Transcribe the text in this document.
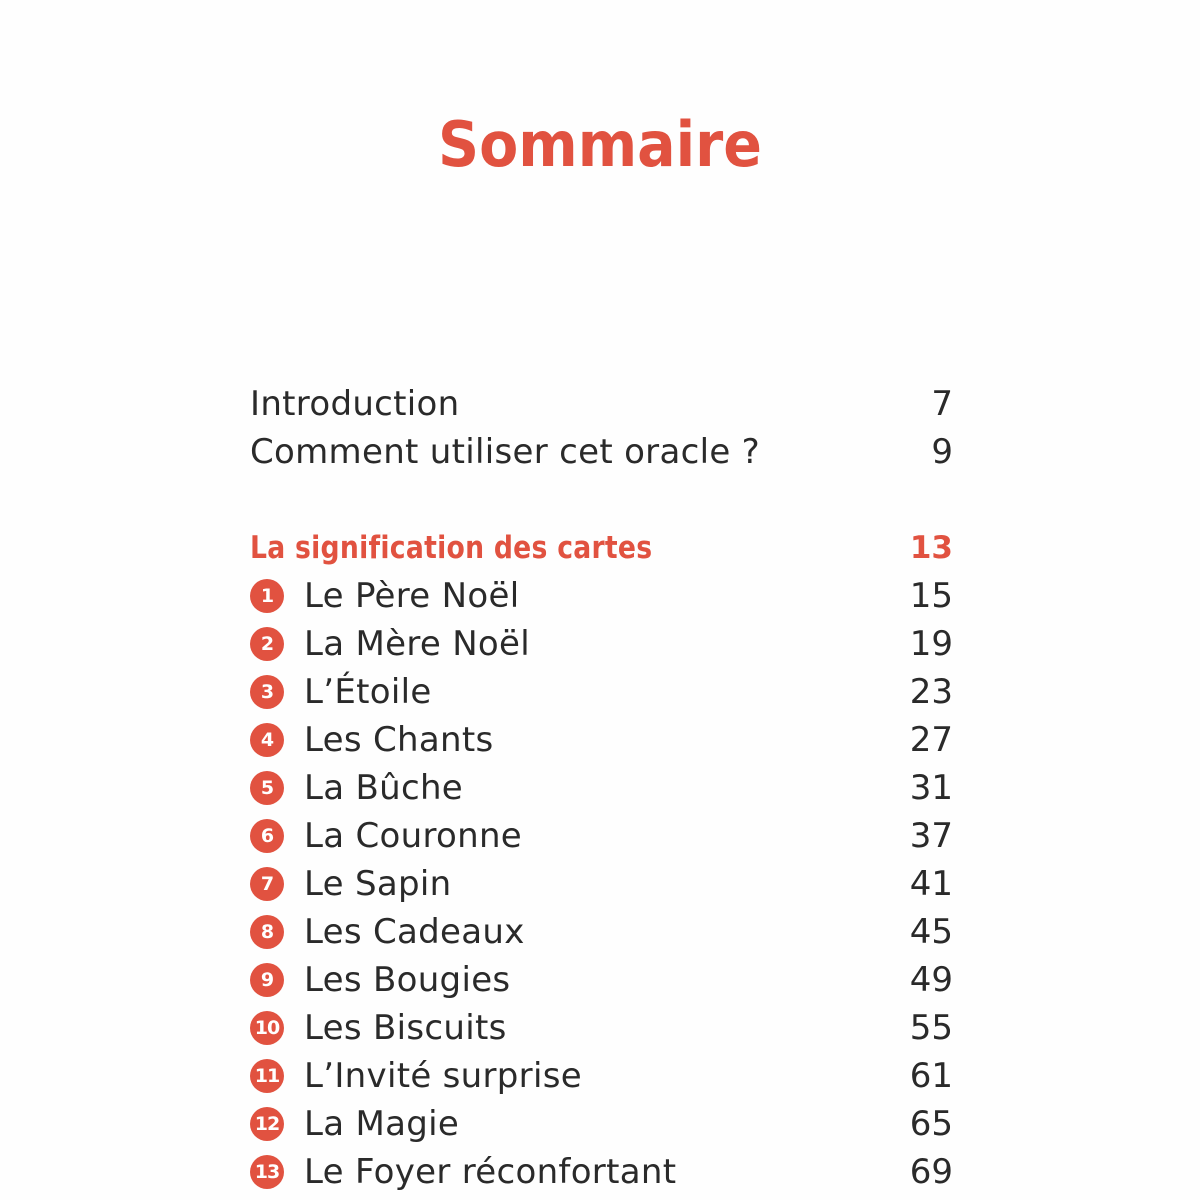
Sommaire
Introduction	7
Comment utiliser cet oracle ?	9
La signification des cartes	13
1 Le Père Noël	15
2 La Mère Noël	19
3 L’Étoile	23
4 Les Chants	27
5 La Bûche	31
6 La Couronne	37
7 Le Sapin	41
8 Les Cadeaux	45
9 Les Bougies	49
10 Les Biscuits	55
11 L’Invité surprise	61
12 La Magie	65
13 Le Foyer réconfortant	69
